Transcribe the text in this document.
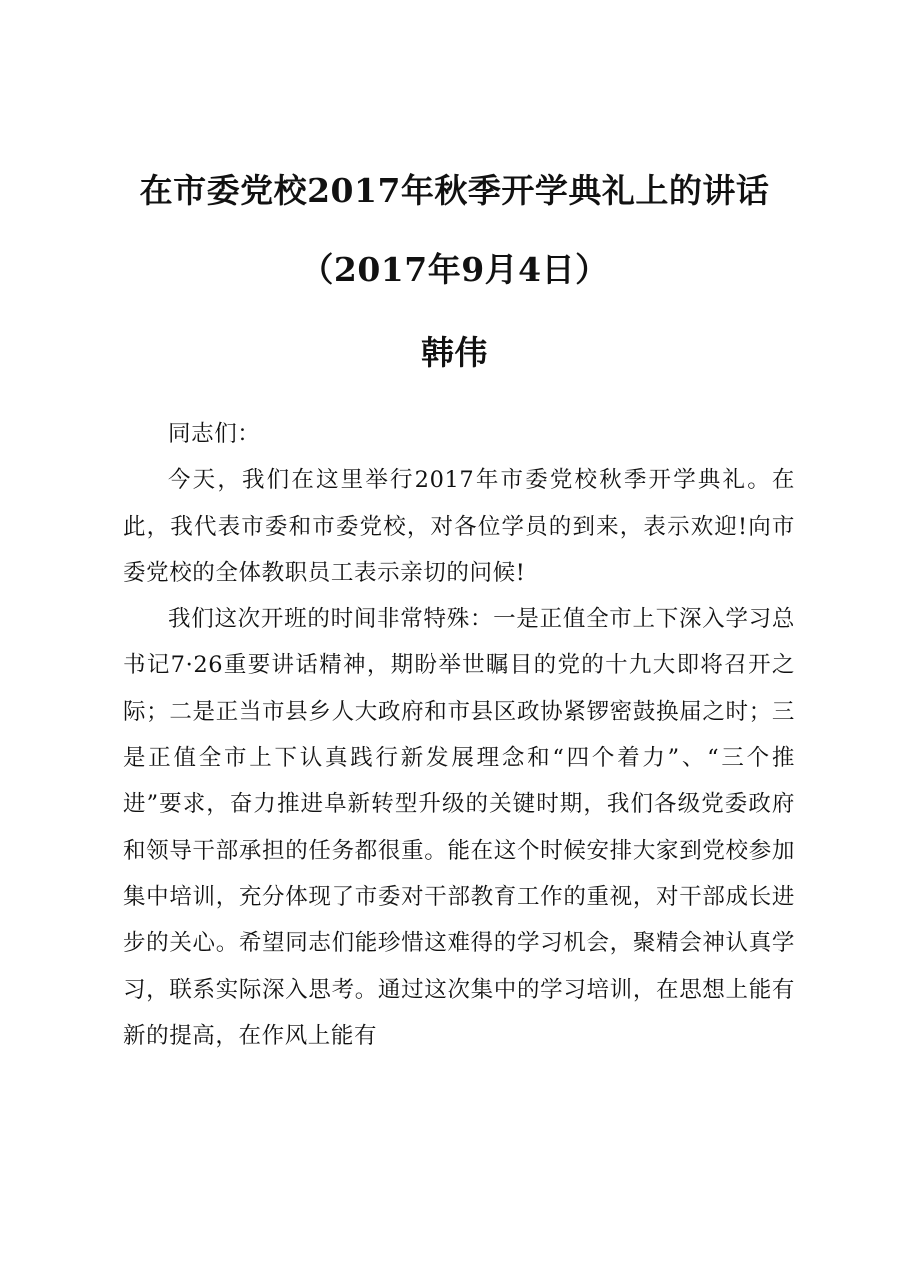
在市委党校2017年秋季开学典礼上的讲话
（2017年9月4日）
韩伟

同志们：

今天，我们在这里举行2017年市委党校秋季开学典礼。在此，我代表市委和市委党校，对各位学员的到来，表示欢迎!向市委党校的全体教职员工表示亲切的问候!

我们这次开班的时间非常特殊：一是正值全市上下深入学习总书记7·26重要讲话精神，期盼举世瞩目的党的十九大即将召开之际；二是正当市县乡人大政府和市县区政协紧锣密鼓换届之时；三是正值全市上下认真践行新发展理念和“四个着力”、“三个推进”要求，奋力推进阜新转型升级的关键时期，我们各级党委政府和领导干部承担的任务都很重。能在这个时候安排大家到党校参加集中培训，充分体现了市委对干部教育工作的重视，对干部成长进步的关心。希望同志们能珍惜这难得的学习机会，聚精会神认真学习，联系实际深入思考。通过这次集中的学习培训，在思想上能有新的提高，在作风上能有
